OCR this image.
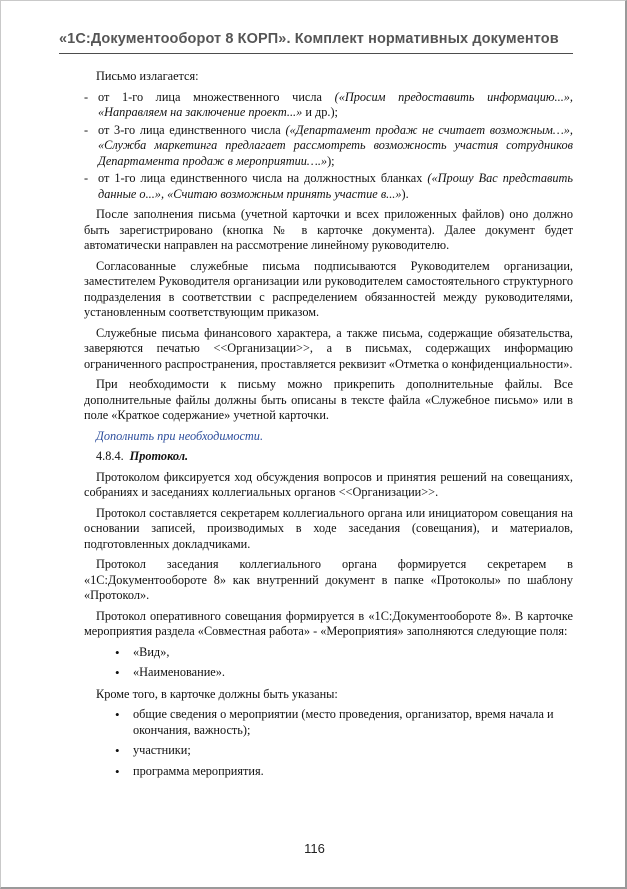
«1С:Документооборот 8 КОРП». Комплект нормативных документов

Письмо излагается:

- от 1-го лица множественного числа («Просим предоставить информацию...», «Направляем на заключение проект...» и др.);
- от 3-го лица единственного числа («Департамент продаж не считает возможным…», «Служба маркетинга предлагает рассмотреть возможность участия сотрудников Департамента продаж в мероприятии….»);
- от 1-го лица единственного числа на должностных бланках («Прошу Вас представить данные о...», «Считаю возможным принять участие в...»).

После заполнения письма (учетной карточки и всех приложенных файлов) оно должно быть зарегистрировано (кнопка № в карточке документа). Далее документ будет автоматически направлен на рассмотрение линейному руководителю.

Согласованные служебные письма подписываются Руководителем организации, заместителем Руководителя организации или руководителем самостоятельного структурного подразделения в соответствии с распределением обязанностей между руководителями, установленным соответствующим приказом.

Служебные письма финансового характера, а также письма, содержащие обязательства, заверяются печатью <<Организации>>, а в письмах, содержащих информацию ограниченного распространения, проставляется реквизит «Отметка о конфиденциальности».

При необходимости к письму можно прикрепить дополнительные файлы. Все дополнительные файлы должны быть описаны в тексте файла «Служебное письмо» или в поле «Краткое содержание» учетной карточки.

Дополнить при необходимости.

4.8.4. Протокол.

Протоколом фиксируется ход обсуждения вопросов и принятия решений на совещаниях, собраниях и заседаниях коллегиальных органов <<Организации>>.

Протокол составляется секретарем коллегиального органа или инициатором совещания на основании записей, производимых в ходе заседания (совещания), и материалов, подготовленных докладчиками.

Протокол заседания коллегиального органа формируется секретарем в «1С:Документообороте 8» как внутренний документ в папке «Протоколы» по шаблону «Протокол».

Протокол оперативного совещания формируется в «1С:Документообороте 8». В карточке мероприятия раздела «Совместная работа» - «Мероприятия» заполняются следующие поля:

• «Вид»,
• «Наименование».

Кроме того, в карточке должны быть указаны:

• общие сведения о мероприятии (место проведения, организатор, время начала и окончания, важность);
• участники;
• программа мероприятия.
116
